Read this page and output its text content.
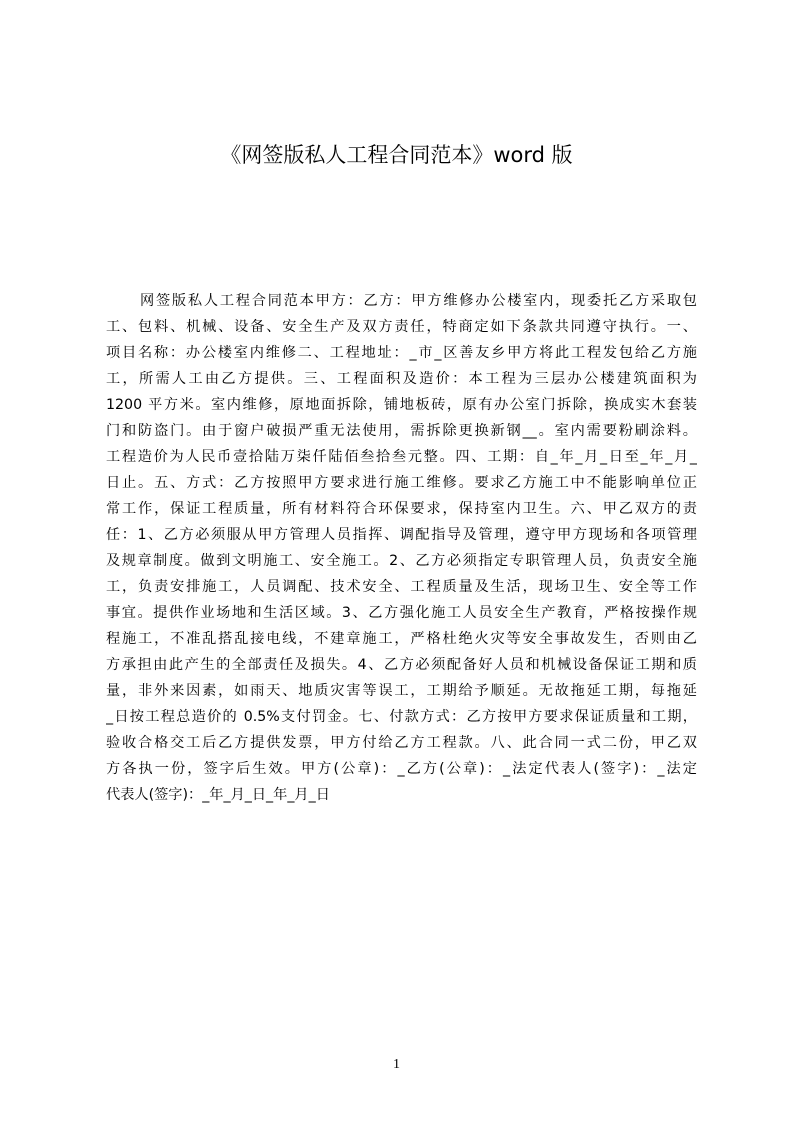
《网签版私人工程合同范本》word 版
网签版私人工程合同范本甲方：乙方：甲方维修办公楼室内，现委托乙方采取包
工、包料、机械、设备、安全生产及双方责任，特商定如下条款共同遵守执行。一、
项目名称：办公楼室内维修二、工程地址：_市_区善友乡甲方将此工程发包给乙方施
工，所需人工由乙方提供。三、工程面积及造价：本工程为三层办公楼建筑面积为
1200 平方米。室内维修，原地面拆除，铺地板砖，原有办公室门拆除，换成实木套装
门和防盗门。由于窗户破损严重无法使用，需拆除更换新钢__。室内需要粉刷涂料。
工程造价为人民币壹拾陆万柒仟陆佰叁拾叁元整。四、工期：自_年_月_日至_年_月_
日止。五、方式：乙方按照甲方要求进行施工维修。要求乙方施工中不能影响单位正
常工作，保证工程质量，所有材料符合环保要求，保持室内卫生。六、甲乙双方的责
任：1、乙方必须服从甲方管理人员指挥、调配指导及管理，遵守甲方现场和各项管理
及规章制度。做到文明施工、安全施工。2、乙方必须指定专职管理人员，负责安全施
工，负责安排施工，人员调配、技术安全、工程质量及生活，现场卫生、安全等工作
事宜。提供作业场地和生活区域。3、乙方强化施工人员安全生产教育，严格按操作规
程施工，不准乱搭乱接电线，不建章施工，严格杜绝火灾等安全事故发生，否则由乙
方承担由此产生的全部责任及损失。4、乙方必须配备好人员和机械设备保证工期和质
量，非外来因素，如雨天、地质灾害等误工，工期给予顺延。无故拖延工期，每拖延
_日按工程总造价的 0.5%支付罚金。七、付款方式：乙方按甲方要求保证质量和工期，
验收合格交工后乙方提供发票，甲方付给乙方工程款。八、此合同一式二份，甲乙双
方各执一份，签字后生效。甲方(公章)：_乙方(公章)：_法定代表人(签字)：_法定
代表人(签字)：_年_月_日_年_月_日
1
